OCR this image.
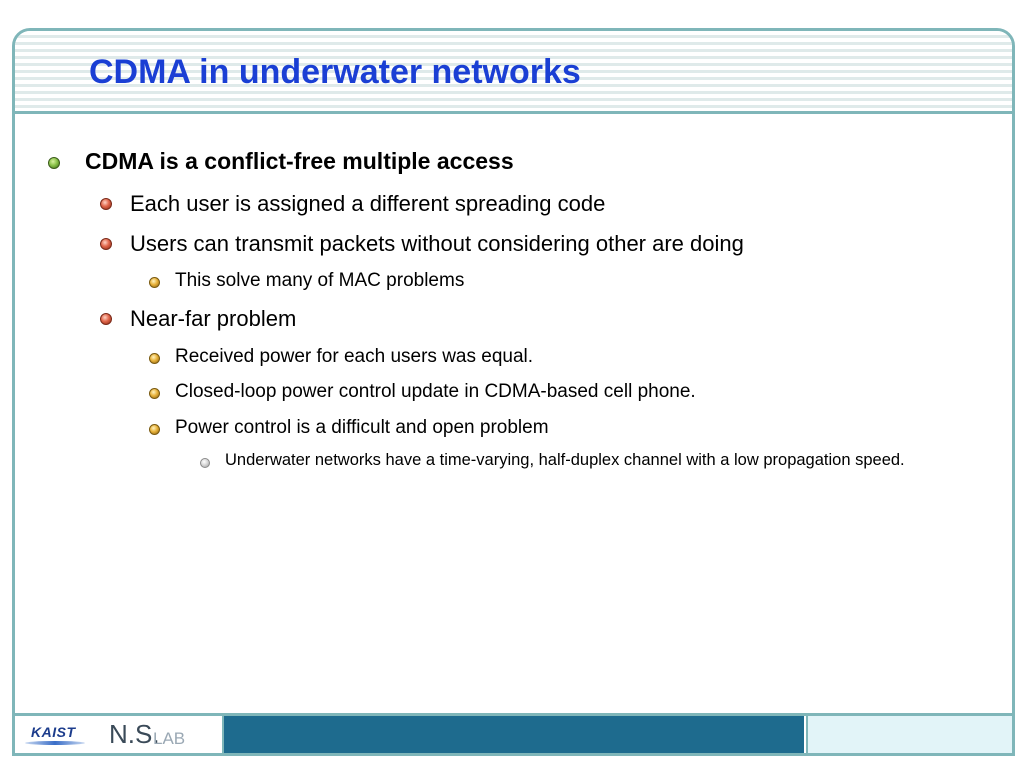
CDMA in underwater networks
CDMA is a conflict-free multiple access
Each user is assigned a different spreading code
Users can transmit packets without considering other are doing
This solve many of MAC problems
Near-far problem
Received power for each users was equal.
Closed-loop power control update in CDMA-based cell phone.
Power control is a difficult and open problem
Underwater networks have a time-varying, half-duplex channel with a low propagation speed.
KAIST N.S.
LAB
